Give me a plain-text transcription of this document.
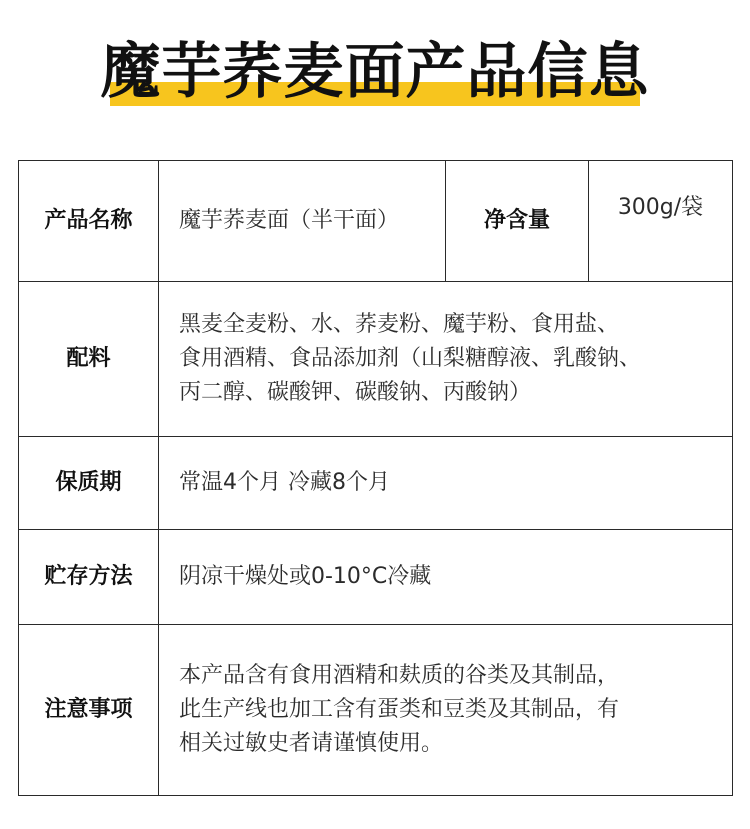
魔芋荞麦面产品信息
产品名称	魔芋荞麦面（半干面）	净含量	300g/袋
配料	黑麦全麦粉、水、荞麦粉、魔芋粉、食用盐、
食用酒精、食品添加剂（山梨糖醇液、乳酸钠、
丙二醇、碳酸钾、碳酸钠、丙酸钠）		

保质期	常温4个月 冷藏8个月		
贮存方法	阴凉干燥处或0-10°C冷藏		
注意事项	本产品含有食用酒精和麸质的谷类及其制品，
此生产线也加工含有蛋类和豆类及其制品，有
相关过敏史者请谨慎使用。		
